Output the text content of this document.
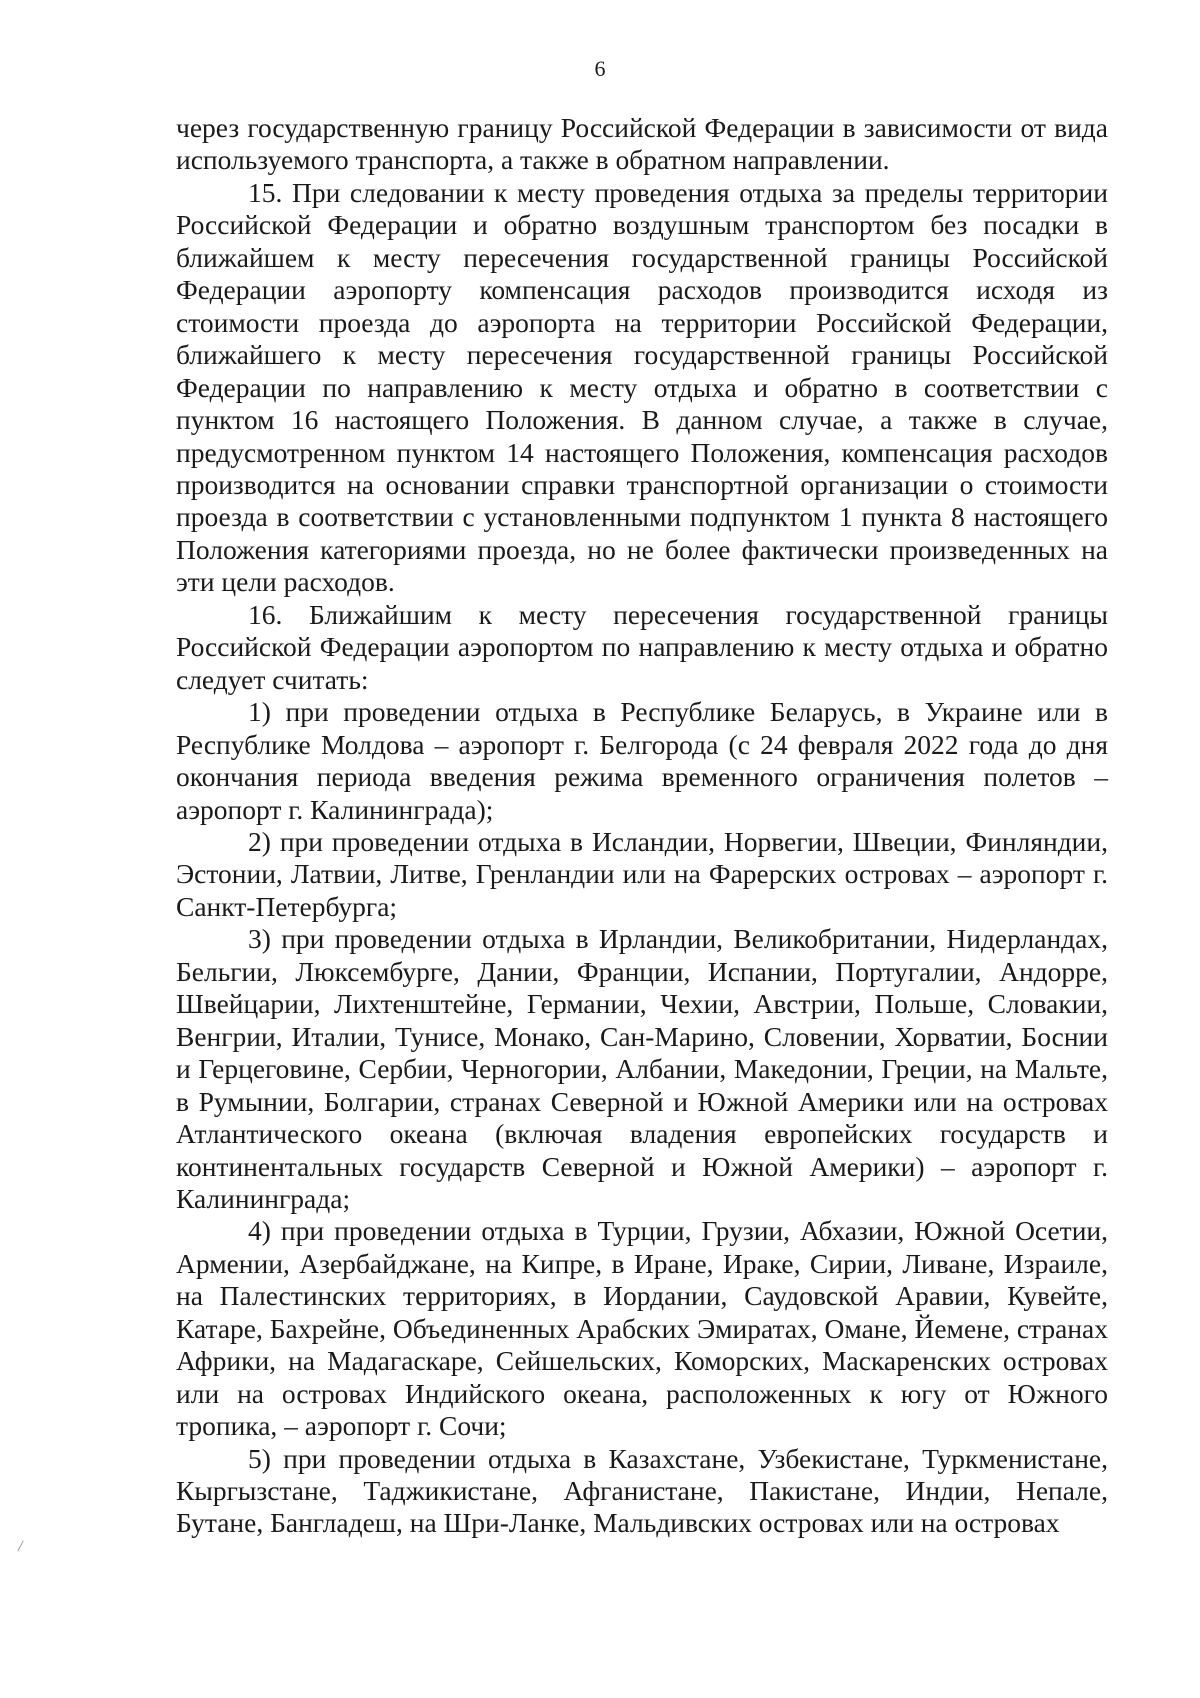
6

через государственную границу Российской Федерации в зависимости от вида используемого транспорта, а также в обратном направлении.

15. При следовании к месту проведения отдыха за пределы территории Российской Федерации и обратно воздушным транспортом без посадки в ближайшем к месту пересечения государственной границы Российской Федерации аэропорту компенсация расходов производится исходя из стоимости проезда до аэропорта на территории Российской Федерации, ближайшего к месту пересечения государственной границы Российской Федерации по направлению к месту отдыха и обратно в соответствии с пунктом 16 настоящего Положения. В данном случае, а также в случае, предусмотренном пунктом 14 настоящего Положения, компенсация расходов производится на основании справки транспортной организации о стоимости проезда в соответствии с установленными подпунктом 1 пункта 8 настоящего Положения категориями проезда, но не более фактически произведенных на эти цели расходов.

16. Ближайшим к месту пересечения государственной границы Российской Федерации аэропортом по направлению к месту отдыха и обратно следует считать:

1) при проведении отдыха в Республике Беларусь, в Украине или в Республике Молдова – аэропорт г. Белгорода (с 24 февраля 2022 года до дня окончания периода введения режима временного ограничения полетов – аэропорт г. Калининграда);

2) при проведении отдыха в Исландии, Норвегии, Швеции, Финляндии, Эстонии, Латвии, Литве, Гренландии или на Фарерских островах – аэропорт г. Санкт-Петербурга;

3) при проведении отдыха в Ирландии, Великобритании, Нидерландах, Бельгии, Люксембурге, Дании, Франции, Испании, Португалии, Андорре, Швейцарии, Лихтенштейне, Германии, Чехии, Австрии, Польше, Словакии, Венгрии, Италии, Тунисе, Монако, Сан-Марино, Словении, Хорватии, Боснии и Герцеговине, Сербии, Черногории, Албании, Македонии, Греции, на Мальте, в Румынии, Болгарии, странах Северной и Южной Америки или на островах Атлантического океана (включая владения европейских государств и континентальных государств Северной и Южной Америки) – аэропорт г. Калининграда;

4) при проведении отдыха в Турции, Грузии, Абхазии, Южной Осетии, Армении, Азербайджане, на Кипре, в Иране, Ираке, Сирии, Ливане, Израиле, на Палестинских территориях, в Иордании, Саудовской Аравии, Кувейте, Катаре, Бахрейне, Объединенных Арабских Эмиратах, Омане, Йемене, странах Африки, на Мадагаскаре, Сейшельских, Коморских, Маскаренских островах или на островах Индийского океана, расположенных к югу от Южного тропика, – аэропорт г. Сочи;

5) при проведении отдыха в Казахстане, Узбекистане, Туркменистане, Кыргызстане, Таджикистане, Афганистане, Пакистане, Индии, Непале, Бутане, Бангладеш, на Шри-Ланке, Мальдивских островах или на островах
